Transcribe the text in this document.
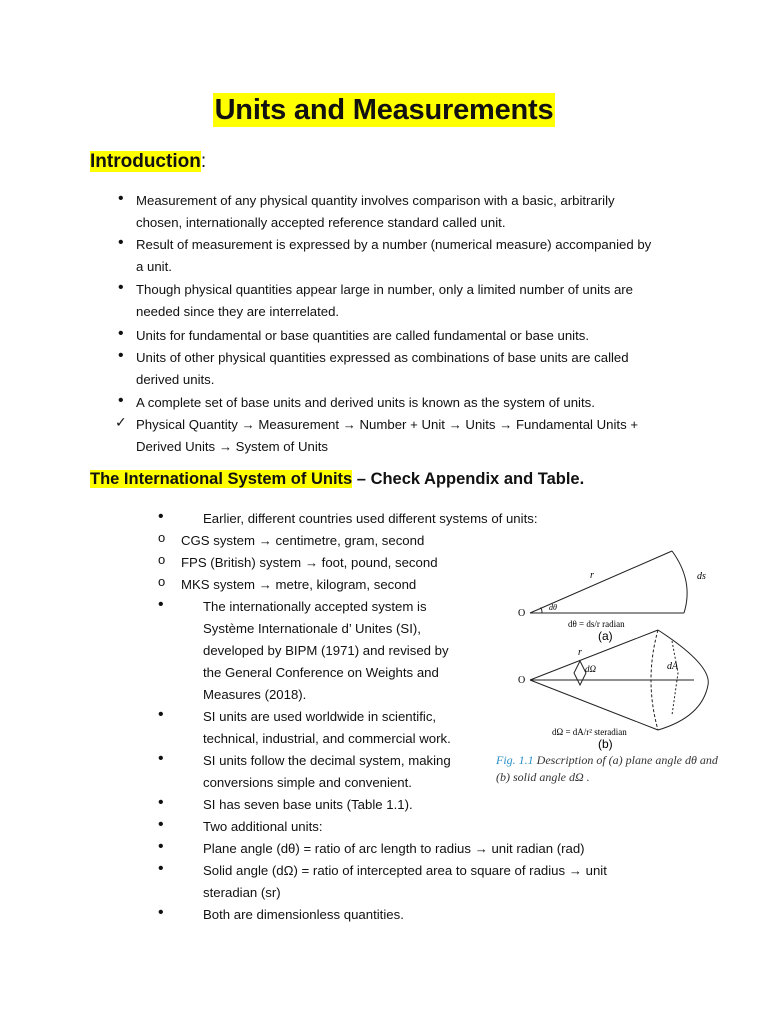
Units and Measurements
Introduction:
• Measurement of any physical quantity involves comparison with a basic, arbitrarily
chosen, internationally accepted reference standard called unit.
• Result of measurement is expressed by a number (numerical measure) accompanied by
a unit.
• Though physical quantities appear large in number, only a limited number of units are
needed since they are interrelated.
• Units for fundamental or base quantities are called fundamental or base units.
• Units of other physical quantities expressed as combinations of base units are called
derived units.
• A complete set of base units and derived units is known as the system of units.
✓ Physical Quantity → Measurement → Number + Unit → Units → Fundamental Units +
Derived Units → System of Units
The International System of Units – Check Appendix and Table.
•	Earlier, different countries used different systems of units:
o CGS system → centimetre, gram, second
o FPS (British) system → foot, pound, second
o MKS system → metre, kilogram, second
•	The internationally accepted system is
Système Internationale d’ Unites (SI),
developed by BIPM (1971) and revised by
the General Conference on Weights and
Measures (2018).
•	SI units are used worldwide in scientific,
technical, industrial, and commercial work.
•	SI units follow the decimal system, making
conversions simple and convenient.
•	SI has seven base units (Table 1.1).
•	Two additional units:
•	Plane angle (dθ) = ratio of arc length to radius → unit radian (rad)
•	Solid angle (dΩ) = ratio of intercepted area to square of radius → unit
steradian (sr)
•	Both are dimensionless quantities.
O
r	ds
dθ
dθ = ds/r radian
(a)
O
r
dΩ	dA
dΩ = dA/r² steradian
(b)
Fig. 1.1 Description of (a) plane angle dθ and
(b) solid angle dΩ .
